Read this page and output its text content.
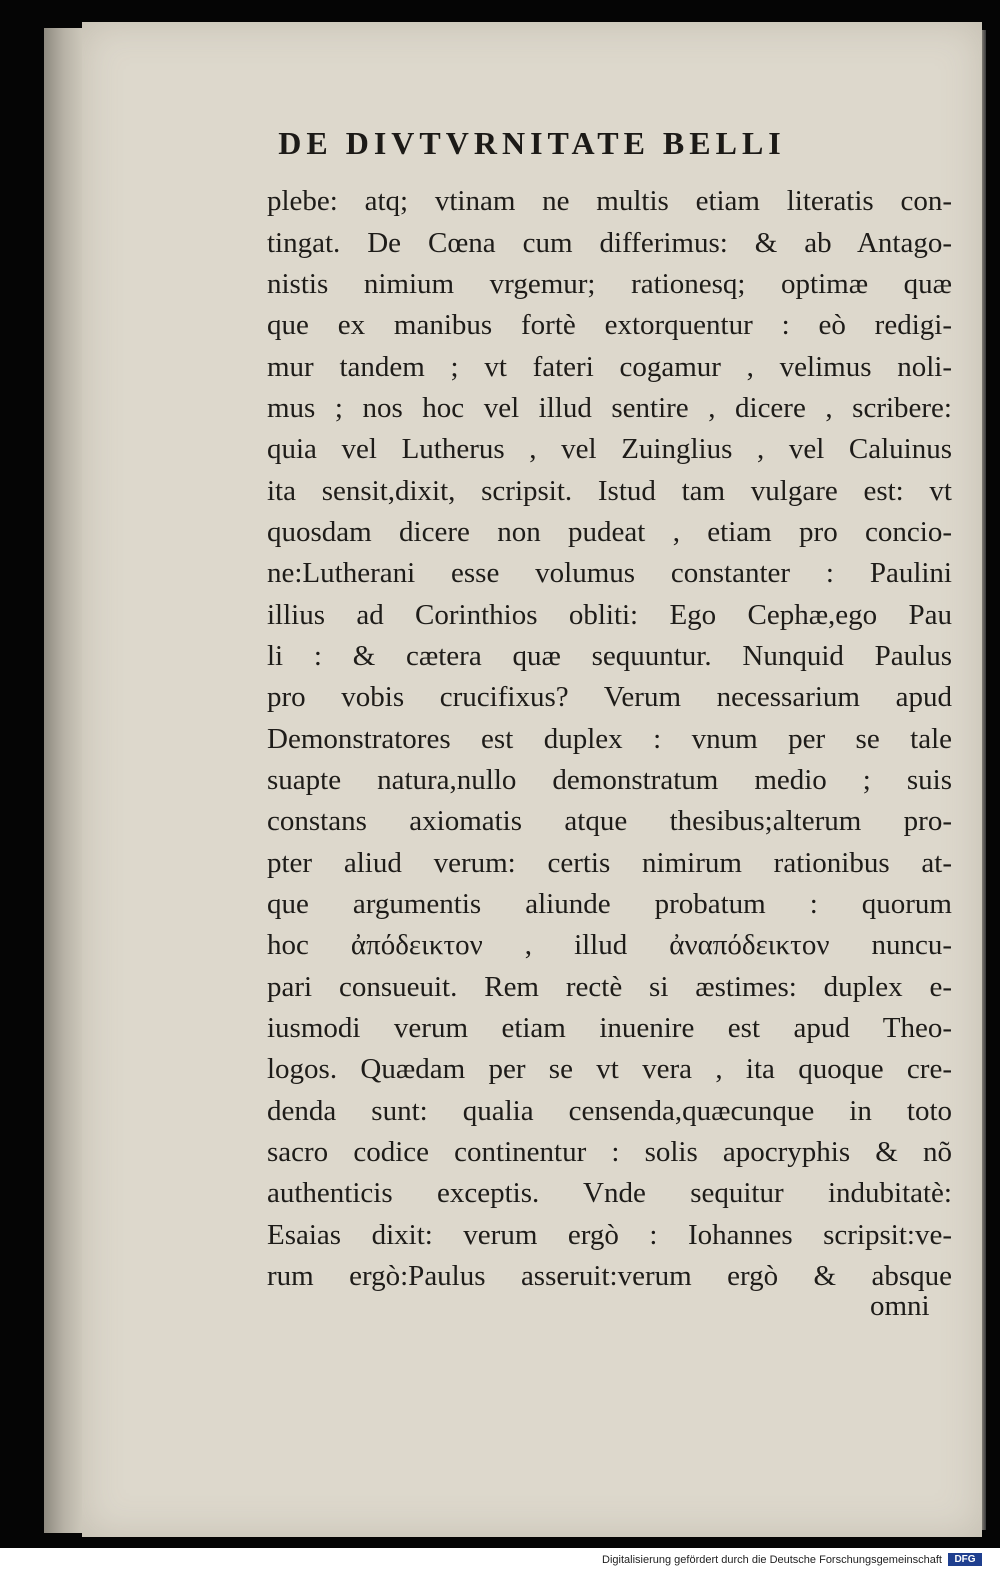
DE DIVTVRNITATE BELLI
plebe: atq; vtinam ne multis etiam literatis con-
tingat. De Cœna cum differimus: & ab Antago-
nistis nimium vrgemur; rationesq; optimæ quæ
que ex manibus fortè extorquentur : eò redigi-
mur tandem ; vt fateri cogamur , velimus noli-
mus ; nos hoc vel illud sentire , dicere , scribere:
quia vel Lutherus , vel Zuinglius , vel Caluinus
ita sensit,dixit, scripsit. Istud tam vulgare est: vt
quosdam dicere non pudeat , etiam pro concio-
ne:Lutherani esse volumus constanter : Paulini
illius ad Corinthios obliti: Ego Cephæ,ego Pau
li : & cætera quæ sequuntur. Nunquid Paulus
pro vobis crucifixus? Verum necessarium apud
Demonstratores est duplex : vnum per se tale
suapte natura,nullo demonstratum medio ; suis
constans axiomatis atque thesibus;alterum pro-
pter aliud verum: certis nimirum rationibus at-
que argumentis aliunde probatum : quorum
hoc ἀπόδεικτον , illud ἀναπόδεικτον nuncu-
pari consueuit. Rem rectè si æstimes: duplex e-
iusmodi verum etiam inuenire est apud Theo-
logos. Quædam per se vt vera , ita quoque cre-
denda sunt: qualia censenda,quæcunque in toto
sacro codice continentur : solis apocryphis & nõ
authenticis exceptis. Vnde sequitur indubitatè:
Esaias dixit: verum ergò : Iohannes scripsit:ve-
rum ergò:Paulus asseruit:verum ergò & absque
omni
Digitalisierung gefördert durch die Deutsche Forschungsgemeinschaft	DFG
